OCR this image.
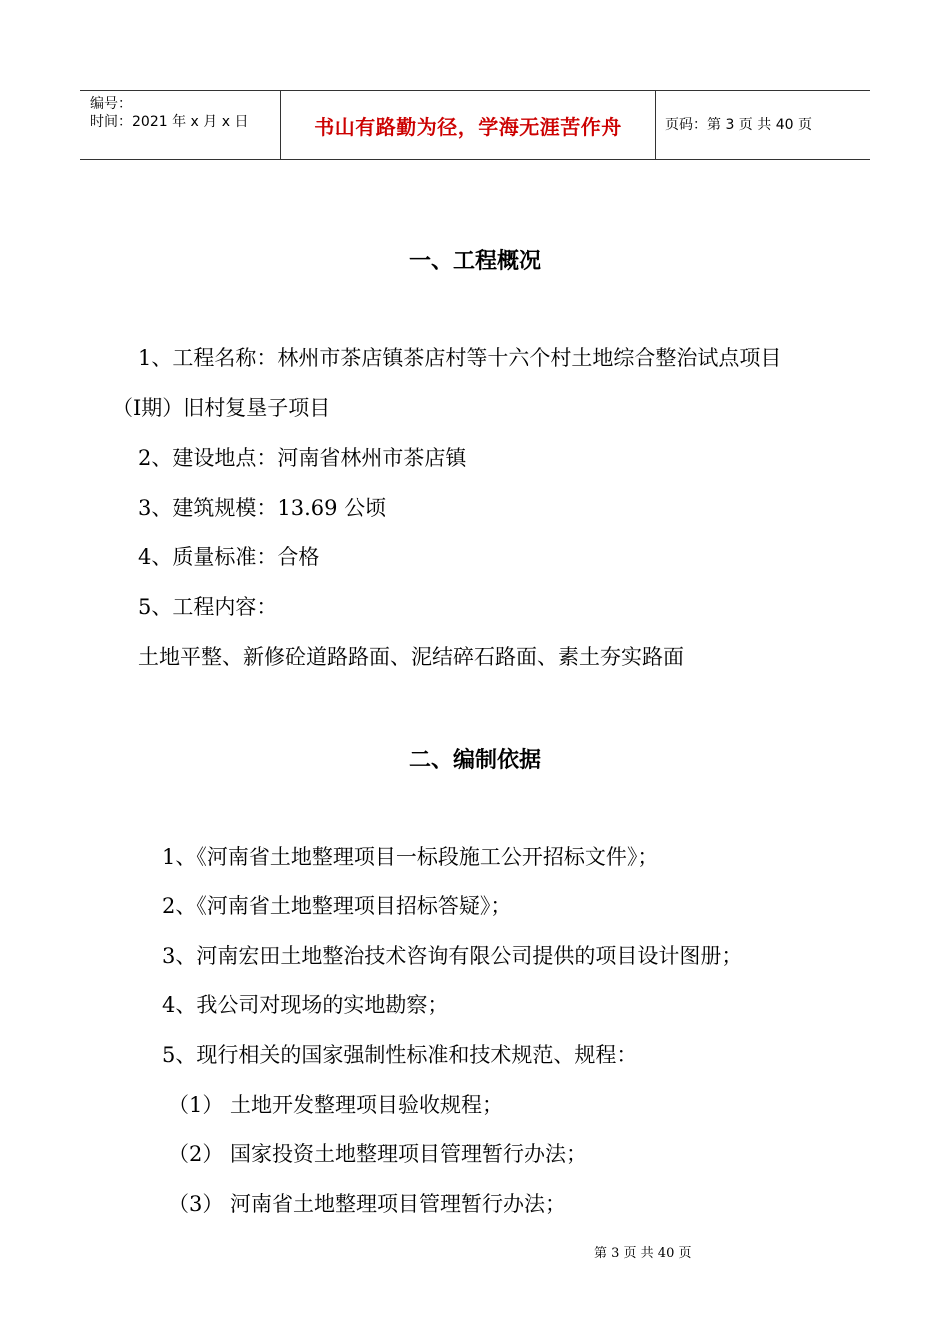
编号：
时间：2021 年 x 月 x 日	书山有路勤为径，学海无涯苦作舟	页码：第 3 页 共 40 页
一、工程概况
1、工程名称：林州市茶店镇茶店村等十六个村土地综合整治试点项目
（Ⅰ期）旧村复垦子项目
2、建设地点：河南省林州市茶店镇
3、建筑规模：13.69 公顷
4、质量标准：合格
5、工程内容：
土地平整、新修砼道路路面、泥结碎石路面、素土夯实路面
二、编制依据
1、《河南省土地整理项目一标段施工公开招标文件》；
2、《河南省土地整理项目招标答疑》；
3、河南宏田土地整治技术咨询有限公司提供的项目设计图册；
4、我公司对现场的实地勘察；
5、现行相关的国家强制性标准和技术规范、规程：
（1） 土地开发整理项目验收规程；
（2） 国家投资土地整理项目管理暂行办法；
（3） 河南省土地整理项目管理暂行办法；
第 3 页 共 40 页
